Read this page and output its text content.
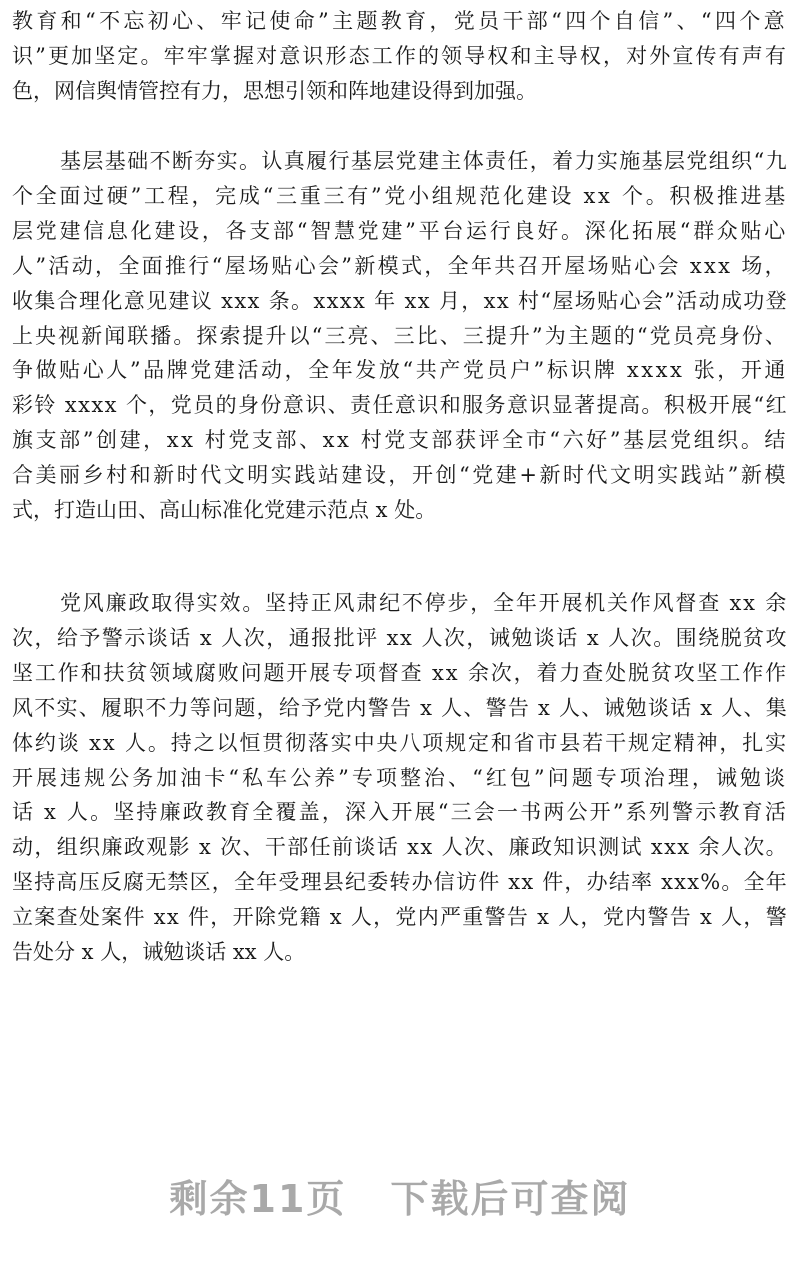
教育和“不忘初心、牢记使命”主题教育，党员干部“四个自信”、“四个意
识”更加坚定。牢牢掌握对意识形态工作的领导权和主导权，对外宣传有声有
色，网信舆情管控有力，思想引领和阵地建设得到加强。
基层基础不断夯实。认真履行基层党建主体责任，着力实施基层党组织“九
个全面过硬”工程，完成“三重三有”党小组规范化建设 xx 个。积极推进基
层党建信息化建设，各支部“智慧党建”平台运行良好。深化拓展“群众贴心
人”活动，全面推行“屋场贴心会”新模式，全年共召开屋场贴心会 xxx 场，
收集合理化意见建议 xxx 条。xxxx 年 xx 月，xx 村“屋场贴心会”活动成功登
上央视新闻联播。探索提升以“三亮、三比、三提升”为主题的“党员亮身份、
争做贴心人”品牌党建活动，全年发放“共产党员户”标识牌 xxxx 张，开通
彩铃 xxxx 个，党员的身份意识、责任意识和服务意识显著提高。积极开展“红
旗支部”创建，xx 村党支部、xx 村党支部获评全市“六好”基层党组织。结
合美丽乡村和新时代文明实践站建设，开创“党建+新时代文明实践站”新模
式，打造山田、高山标准化党建示范点 x 处。
党风廉政取得实效。坚持正风肃纪不停步，全年开展机关作风督查 xx 余
次，给予警示谈话 x 人次，通报批评 xx 人次，诫勉谈话 x 人次。围绕脱贫攻
坚工作和扶贫领域腐败问题开展专项督查 xx 余次，着力查处脱贫攻坚工作作
风不实、履职不力等问题，给予党内警告 x 人、警告 x 人、诫勉谈话 x 人、集
体约谈 xx 人。持之以恒贯彻落实中央八项规定和省市县若干规定精神，扎实
开展违规公务加油卡“私车公养”专项整治、“红包”问题专项治理，诫勉谈
话 x 人。坚持廉政教育全覆盖，深入开展“三会一书两公开”系列警示教育活
动，组织廉政观影 x 次、干部任前谈话 xx 人次、廉政知识测试 xxx 余人次。
坚持高压反腐无禁区，全年受理县纪委转办信访件 xx 件，办结率 xxx%。全年
立案查处案件 xx 件，开除党籍 x 人，党内严重警告 x 人，党内警告 x 人，警
告处分 x 人，诫勉谈话 xx 人。
剩余11页 下载后可查阅
